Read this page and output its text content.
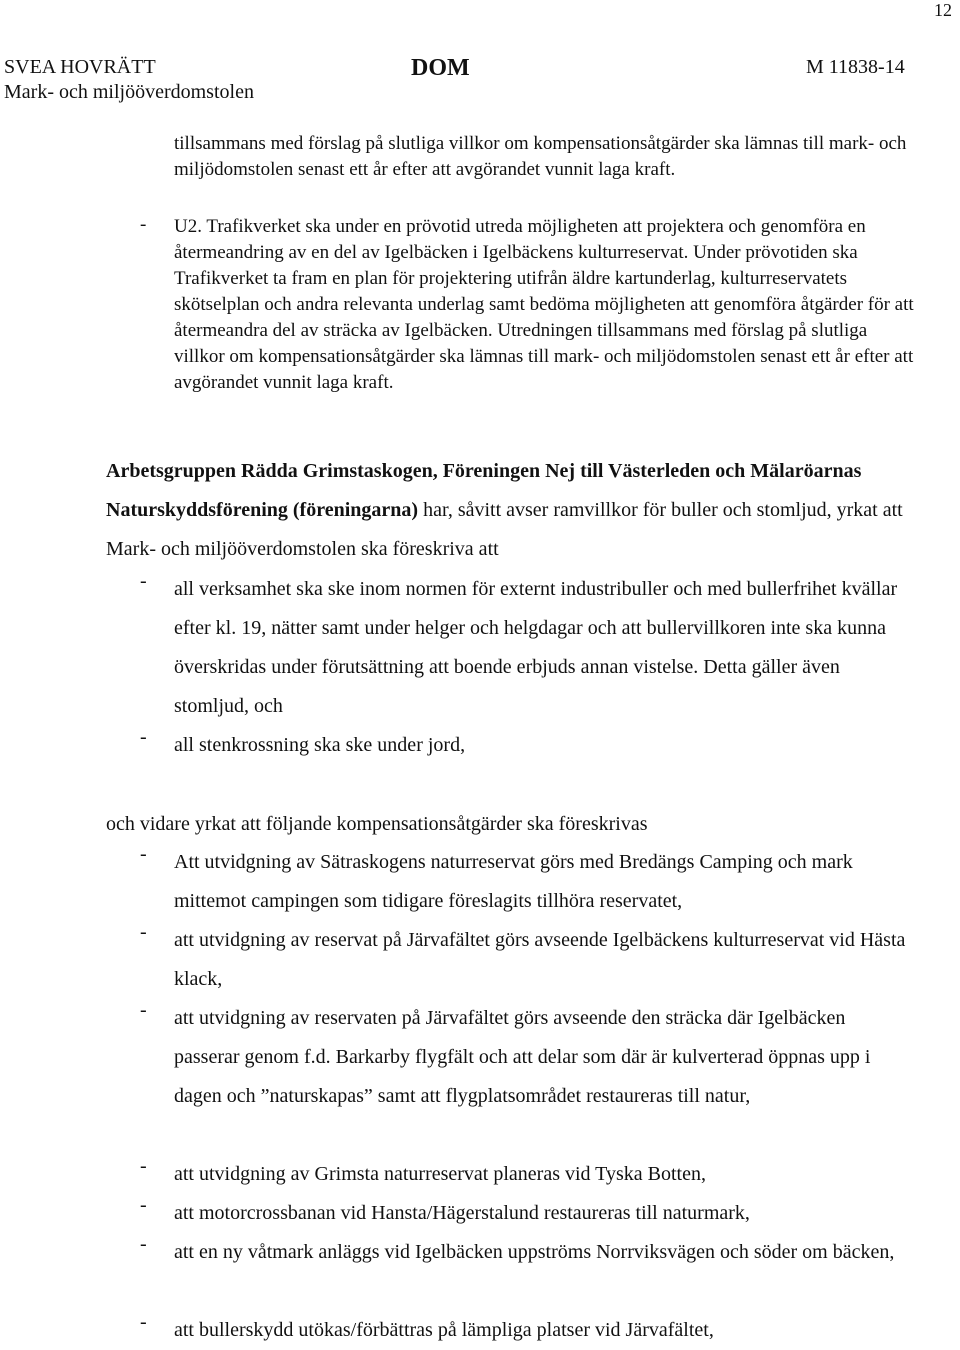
12
SVEA HOVRÄTT
Mark- och miljööverdomstolen
DOM	M 11838-14
tillsammans med förslag på slutliga villkor om kompensationsåtgärder ska lämnas till mark- och miljödomstolen senast ett år efter att avgörandet vunnit laga kraft.
- U2. Trafikverket ska under en prövotid utreda möjligheten att projektera och genomföra en återmeandring av en del av Igelbäcken i Igelbäckens kulturreservat. Under prövotiden ska Trafikverket ta fram en plan för projektering utifrån äldre kartunderlag, kulturreservatets skötselplan och andra relevanta underlag samt bedöma möjligheten att genomföra åtgärder för att återmeandra del av sträcka av Igelbäcken. Utredningen tillsammans med förslag på slutliga villkor om kompensationsåtgärder ska lämnas till mark- och miljödomstolen senast ett år efter att avgörandet vunnit laga kraft.
Arbetsgruppen Rädda Grimstaskogen, Föreningen Nej till Västerleden och Mälaröarnas Naturskyddsförening (föreningarna) har, såvitt avser ramvillkor för buller och stomljud, yrkat att Mark- och miljööverdomstolen ska föreskriva att
- all verksamhet ska ske inom normen för externt industribuller och med bullerfrihet kvällar efter kl. 19, nätter samt under helger och helgdagar och att bullervillkoren inte ska kunna överskridas under förutsättning att boende erbjuds annan vistelse. Detta gäller även stomljud, och
- all stenkrossning ska ske under jord,
och vidare yrkat att följande kompensationsåtgärder ska föreskrivas
- Att utvidgning av Sätraskogens naturreservat görs med Bredängs Camping och mark mittemot campingen som tidigare föreslagits tillhöra reservatet,
- att utvidgning av reservat på Järvafältet görs avseende Igelbäckens kulturreservat vid Hästa klack,
- att utvidgning av reservaten på Järvafältet görs avseende den sträcka där Igelbäcken passerar genom f.d. Barkarby flygfält och att delar som där är kulverterad öppnas upp i dagen och ”naturskapas” samt att flygplatsområdet restaureras till natur,
- att utvidgning av Grimsta naturreservat planeras vid Tyska Botten,
- att motorcrossbanan vid Hansta/Hägerstalund restaureras till naturmark,
- att en ny våtmark anläggs vid Igelbäcken uppströms Norrviksvägen och söder om bäcken,
- att bullerskydd utökas/förbättras på lämpliga platser vid Järvafältet,
